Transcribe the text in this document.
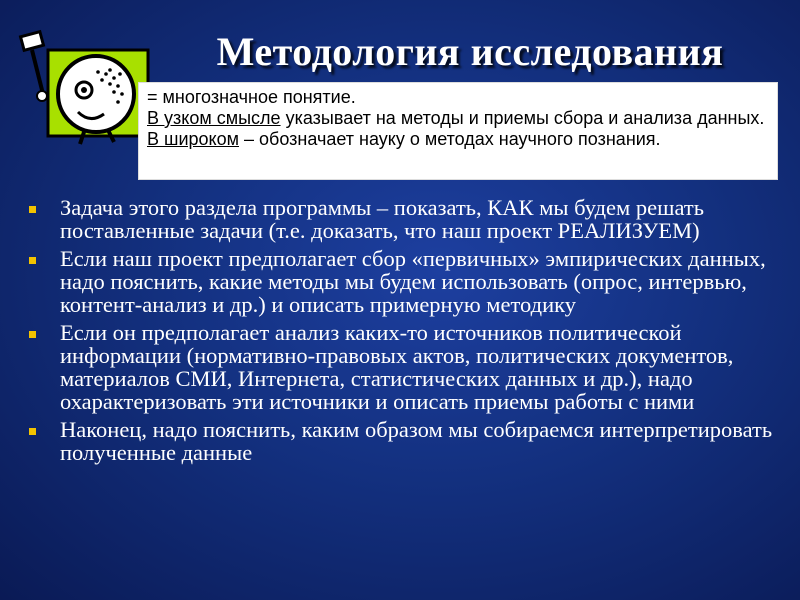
Методология исследования
= многозначное понятие.
В узком смысле указывает на методы и приемы сбора и анализа данных. В широком – обозначает науку о методах научного познания.
Задача этого раздела программы – показать, КАК мы будем решать поставленные задачи (т.е. доказать, что наш проект РЕАЛИЗУЕМ)
Если наш проект предполагает сбор «первичных» эмпирических данных, надо пояснить, какие методы мы будем использовать (опрос, интервью, контент-анализ и др.) и описать примерную методику
Если он предполагает анализ каких-то источников политической информации (нормативно-правовых актов, политических документов, материалов СМИ, Интернета, статистических данных и др.), надо охарактеризовать эти источники и описать приемы работы с ними
Наконец, надо пояснить, каким образом мы собираемся интерпретировать полученные данные
